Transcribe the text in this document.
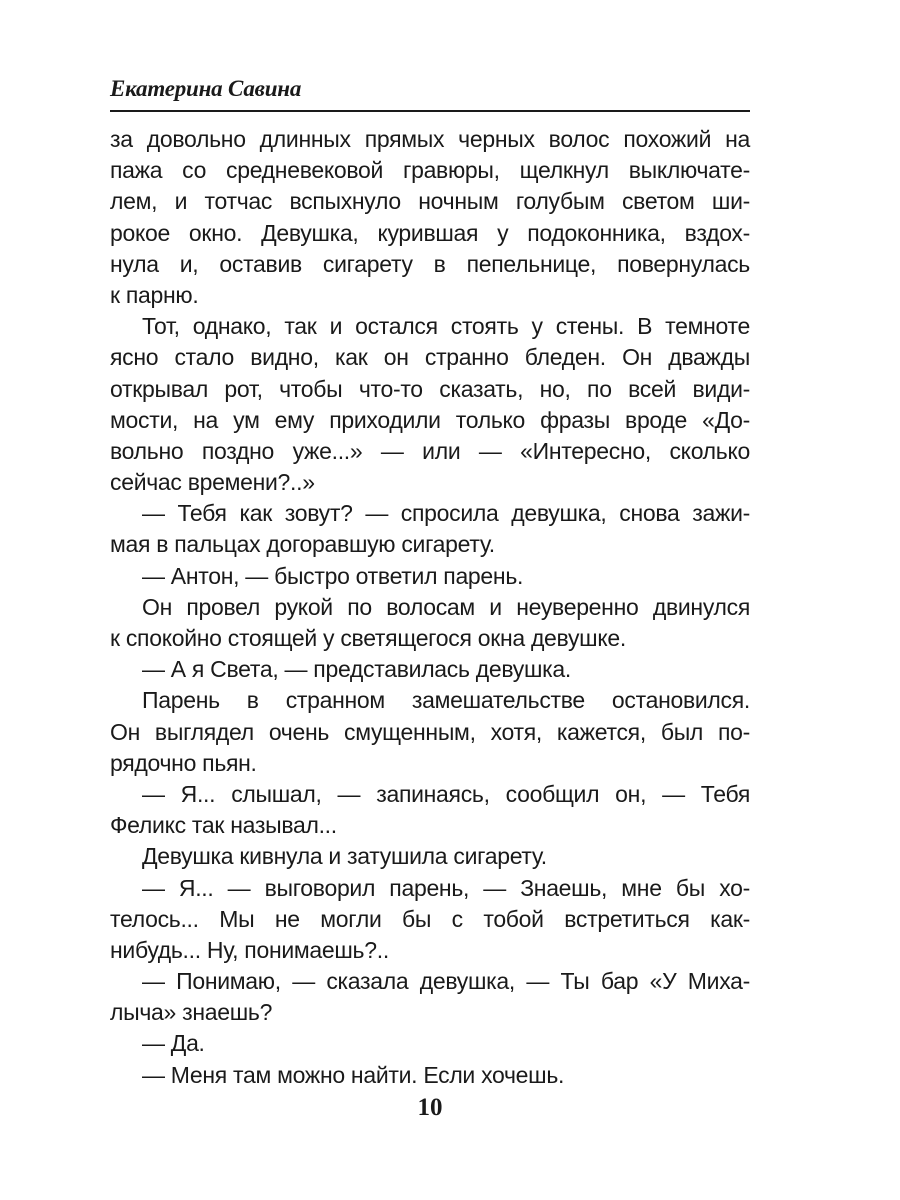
Екатерина Савина
за довольно длинных прямых черных волос похожий на
пажа со средневековой гравюры, щелкнул выключате-
лем, и тотчас вспыхнуло ночным голубым светом ши-
рокое окно. Девушка, курившая у подоконника, вздох-
нула и, оставив сигарету в пепельнице, повернулась
к парню.
Тот, однако, так и остался стоять у стены. В темноте
ясно стало видно, как он странно бледен. Он дважды
открывал рот, чтобы что-то сказать, но, по всей види-
мости, на ум ему приходили только фразы вроде «До-
вольно поздно уже...» — или — «Интересно, сколько
сейчас времени?..»
— Тебя как зовут? — спросила девушка, снова зажи-
мая в пальцах догоравшую сигарету.
— Антон, — быстро ответил парень.
Он провел рукой по волосам и неуверенно двинулся
к спокойно стоящей у светящегося окна девушке.
— А я Света, — представилась девушка.
Парень в странном замешательстве остановился.
Он выглядел очень смущенным, хотя, кажется, был по-
рядочно пьян.
— Я... слышал, — запинаясь, сообщил он, — Тебя
Феликс так называл...
Девушка кивнула и затушила сигарету.
— Я... — выговорил парень, — Знаешь, мне бы хо-
телось... Мы не могли бы с тобой встретиться как-
нибудь... Ну, понимаешь?..
— Понимаю, — сказала девушка, — Ты бар «У Миха-
лыча» знаешь?
— Да.
— Меня там можно найти. Если хочешь.
10
